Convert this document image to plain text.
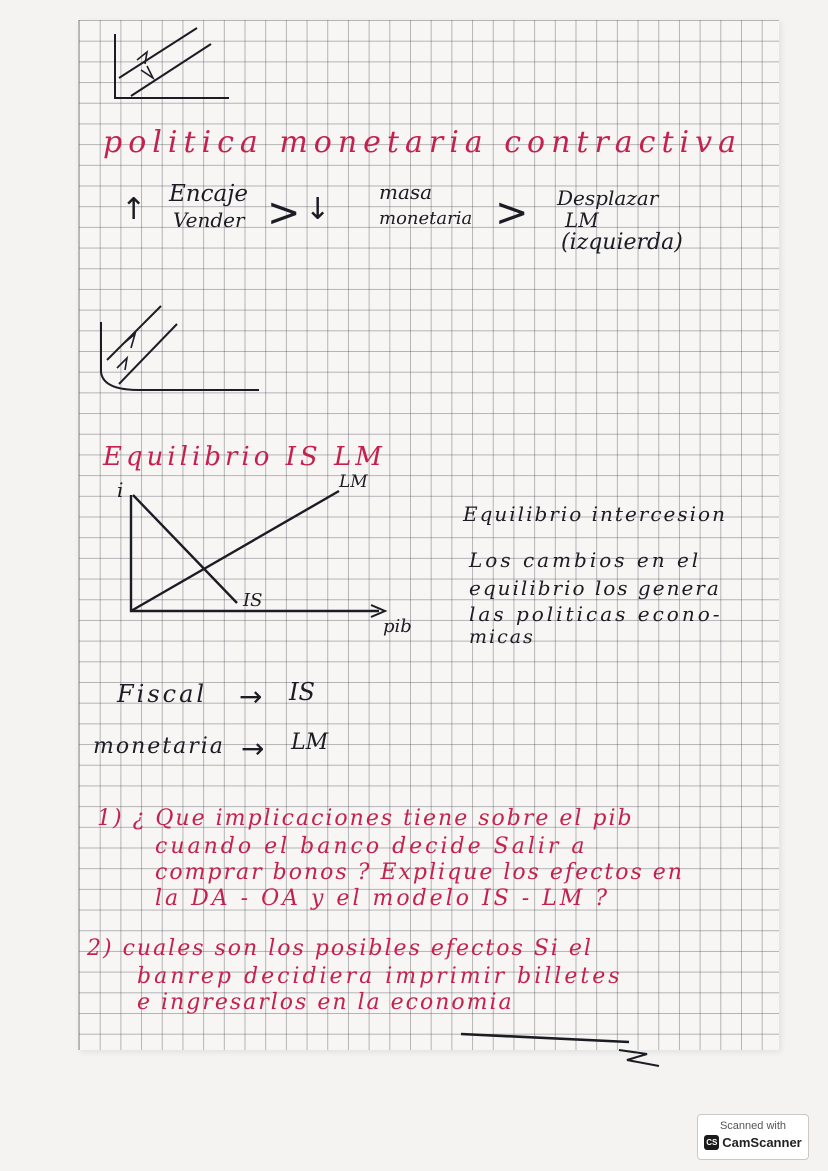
politica monetaria contractiva

↑ Encaje

Vender > ↓ masa

monetaria > Desplazar

LM

(izquierda)

Equilibrio IS LM

i	LM

IS

pib

Equilibrio intercesion

Los cambios en el

equilibrio los genera

las politicas econo-

micas

Fiscal → IS

monetaria → LM

1) ¿ Que implicaciones tiene sobre el pib

cuando el banco decide Salir a

comprar bonos ? Explique los efectos en

la DA - OA y el modelo IS - LM ?

2) cuales son los posibles efectos Si el

banrep decidiera imprimir billetes

e ingresarlos en la economia

Scanned with
CS CamScanner
